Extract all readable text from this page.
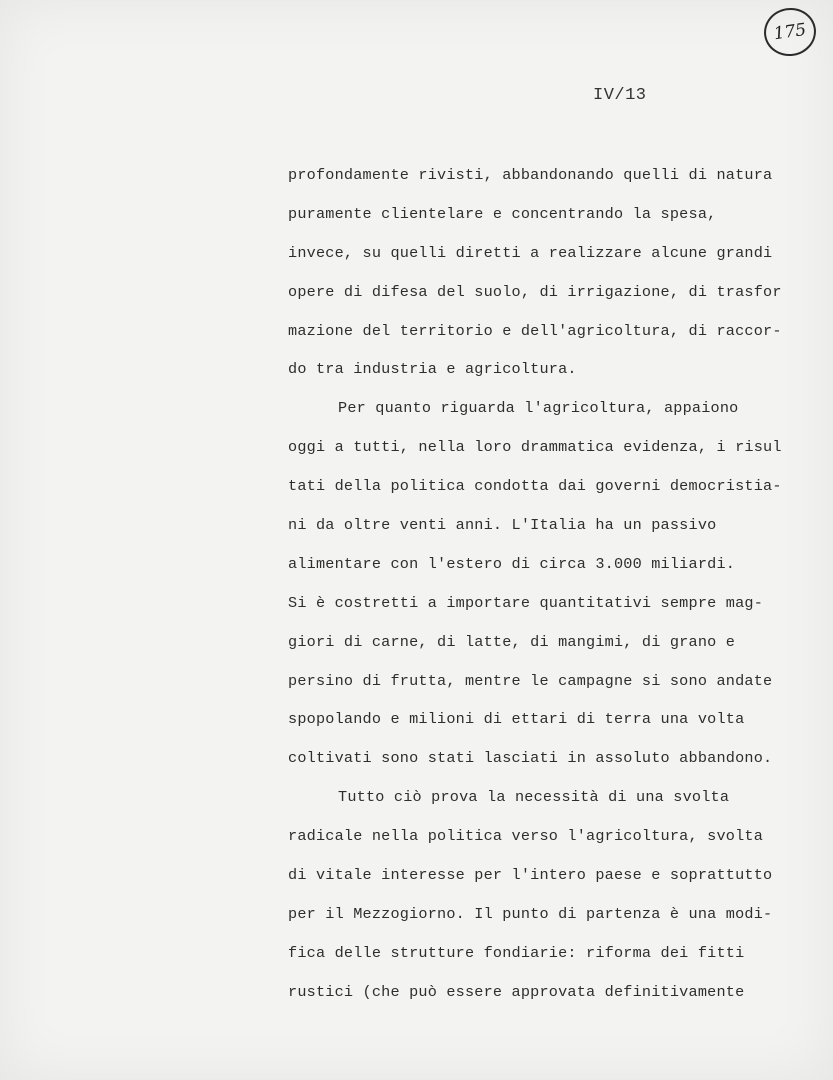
175
IV/13
profondamente rivisti, abbandonando quelli di natura
puramente clientelare e concentrando la spesa,
invece, su quelli diretti a realizzare alcune grandi
opere di difesa del suolo, di irrigazione, di trasfor
mazione del territorio e dell'agricoltura, di raccor-
do tra industria e agricoltura.
Per quanto riguarda l'agricoltura, appaiono
oggi a tutti, nella loro drammatica evidenza, i risul
tati della politica condotta dai governi democristia-
ni da oltre venti anni. L'Italia ha un passivo
alimentare con l'estero di circa 3.000 miliardi.
Si è costretti a importare quantitativi sempre mag-
giori di carne, di latte, di mangimi, di grano e
persino di frutta, mentre le campagne si sono andate
spopolando e milioni di ettari di terra una volta
coltivati sono stati lasciati in assoluto abbandono.
Tutto ciò prova la necessità di una svolta
radicale nella politica verso l'agricoltura, svolta
di vitale interesse per l'intero paese e soprattutto
per il Mezzogiorno. Il punto di partenza è una modi-
fica delle strutture fondiarie: riforma dei fitti
rustici (che può essere approvata definitivamente
